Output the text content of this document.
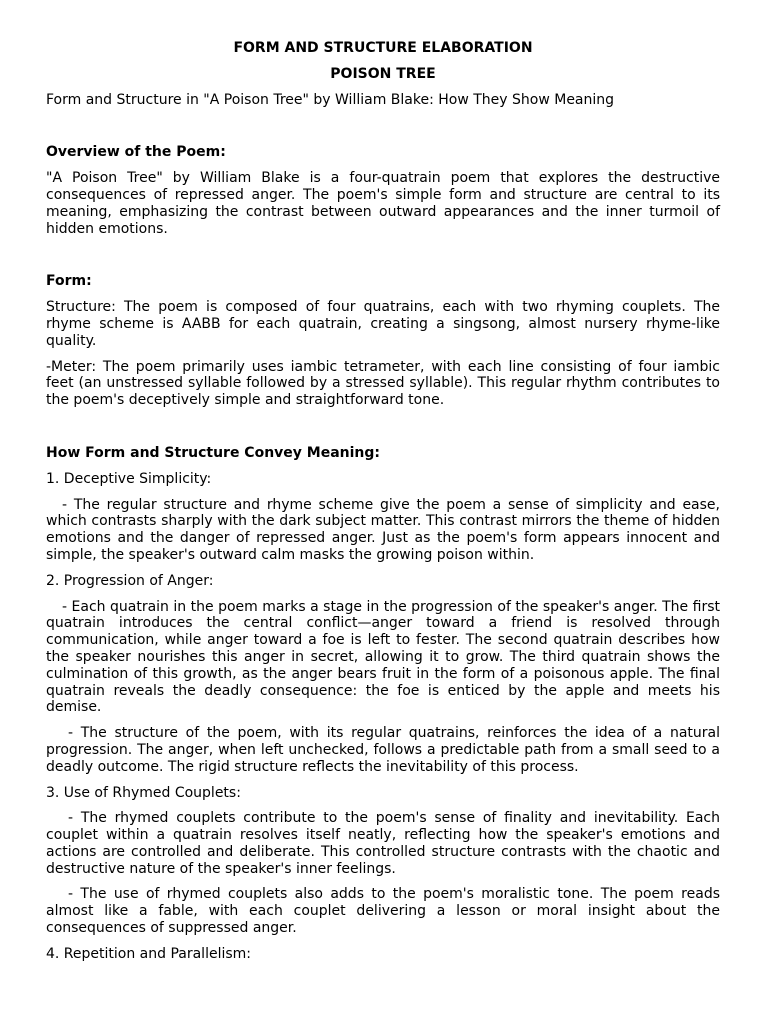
FORM AND STRUCTURE ELABORATION

POISON TREE

Form and Structure in "A Poison Tree" by William Blake: How They Show Meaning

Overview of the Poem:

"A Poison Tree" by William Blake is a four-quatrain poem that explores the destructive consequences of repressed anger. The poem's simple form and structure are central to its meaning, emphasizing the contrast between outward appearances and the inner turmoil of hidden emotions.

Form:

Structure: The poem is composed of four quatrains, each with two rhyming couplets. The rhyme scheme is AABB for each quatrain, creating a singsong, almost nursery rhyme-like quality.

-Meter: The poem primarily uses iambic tetrameter, with each line consisting of four iambic feet (an unstressed syllable followed by a stressed syllable). This regular rhythm contributes to the poem's deceptively simple and straightforward tone.

How Form and Structure Convey Meaning:

1. Deceptive Simplicity:

- The regular structure and rhyme scheme give the poem a sense of simplicity and ease, which contrasts sharply with the dark subject matter. This contrast mirrors the theme of hidden emotions and the danger of repressed anger. Just as the poem's form appears innocent and simple, the speaker's outward calm masks the growing poison within.

2. Progression of Anger:

- Each quatrain in the poem marks a stage in the progression of the speaker's anger. The first quatrain introduces the central conflict—anger toward a friend is resolved through communication, while anger toward a foe is left to fester. The second quatrain describes how the speaker nourishes this anger in secret, allowing it to grow. The third quatrain shows the culmination of this growth, as the anger bears fruit in the form of a poisonous apple. The final quatrain reveals the deadly consequence: the foe is enticed by the apple and meets his demise.

- The structure of the poem, with its regular quatrains, reinforces the idea of a natural progression. The anger, when left unchecked, follows a predictable path from a small seed to a deadly outcome. The rigid structure reflects the inevitability of this process.

3. Use of Rhymed Couplets:

- The rhymed couplets contribute to the poem's sense of finality and inevitability. Each couplet within a quatrain resolves itself neatly, reflecting how the speaker's emotions and actions are controlled and deliberate. This controlled structure contrasts with the chaotic and destructive nature of the speaker's inner feelings.

- The use of rhymed couplets also adds to the poem's moralistic tone. The poem reads almost like a fable, with each couplet delivering a lesson or moral insight about the consequences of suppressed anger.

4. Repetition and Parallelism:
